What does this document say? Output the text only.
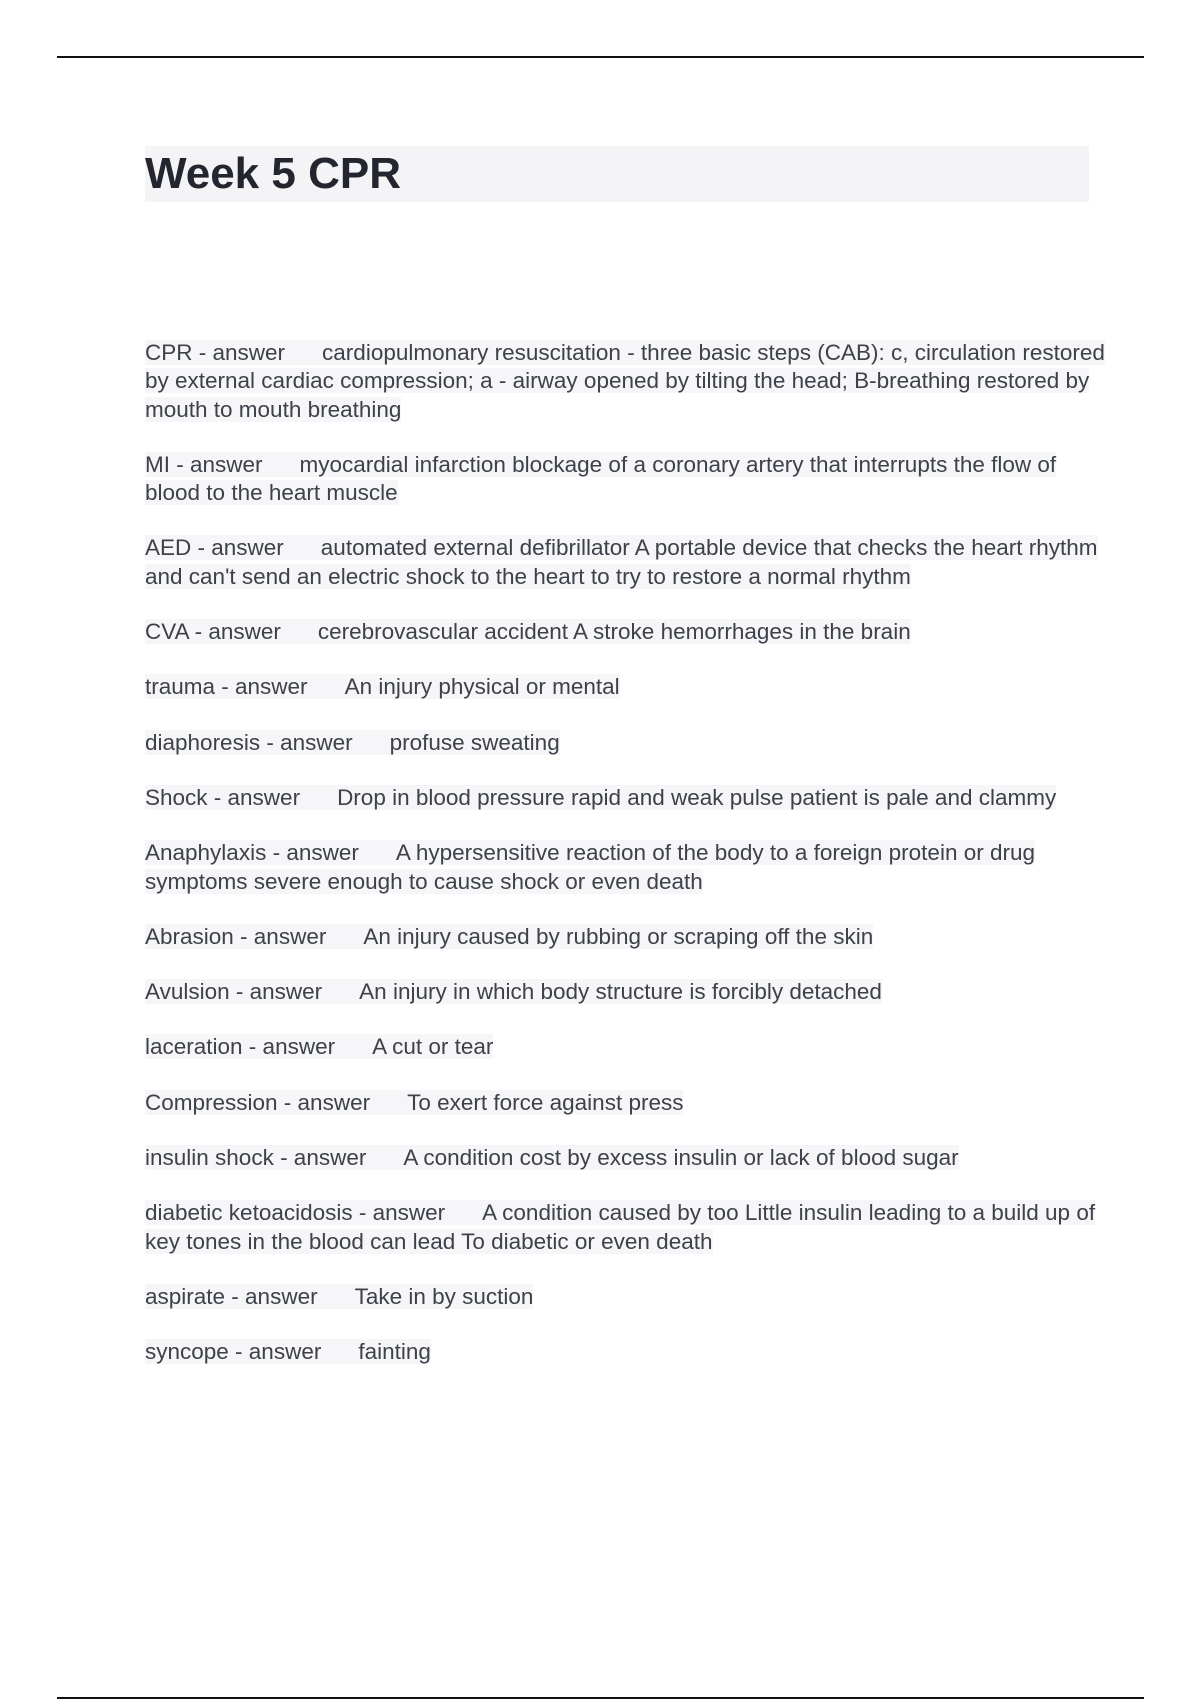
Week 5 CPR

CPR - answer cardiopulmonary resuscitation - three basic steps (CAB): c, circulation restored by external cardiac compression; a - airway opened by tilting the head; B-breathing restored by mouth to mouth breathing

MI - answer myocardial infarction blockage of a coronary artery that interrupts the flow of blood to the heart muscle

AED - answer automated external defibrillator A portable device that checks the heart rhythm and can't send an electric shock to the heart to try to restore a normal rhythm

CVA - answer cerebrovascular accident A stroke hemorrhages in the brain

trauma - answer An injury physical or mental

diaphoresis - answer profuse sweating

Shock - answer Drop in blood pressure rapid and weak pulse patient is pale and clammy

Anaphylaxis - answer A hypersensitive reaction of the body to a foreign protein or drug symptoms severe enough to cause shock or even death

Abrasion - answer An injury caused by rubbing or scraping off the skin

Avulsion - answer An injury in which body structure is forcibly detached

laceration - answer A cut or tear

Compression - answer To exert force against press

insulin shock - answer A condition cost by excess insulin or lack of blood sugar

diabetic ketoacidosis - answer A condition caused by too Little insulin leading to a build up of key tones in the blood can lead To diabetic or even death

aspirate - answer Take in by suction

syncope - answer fainting
